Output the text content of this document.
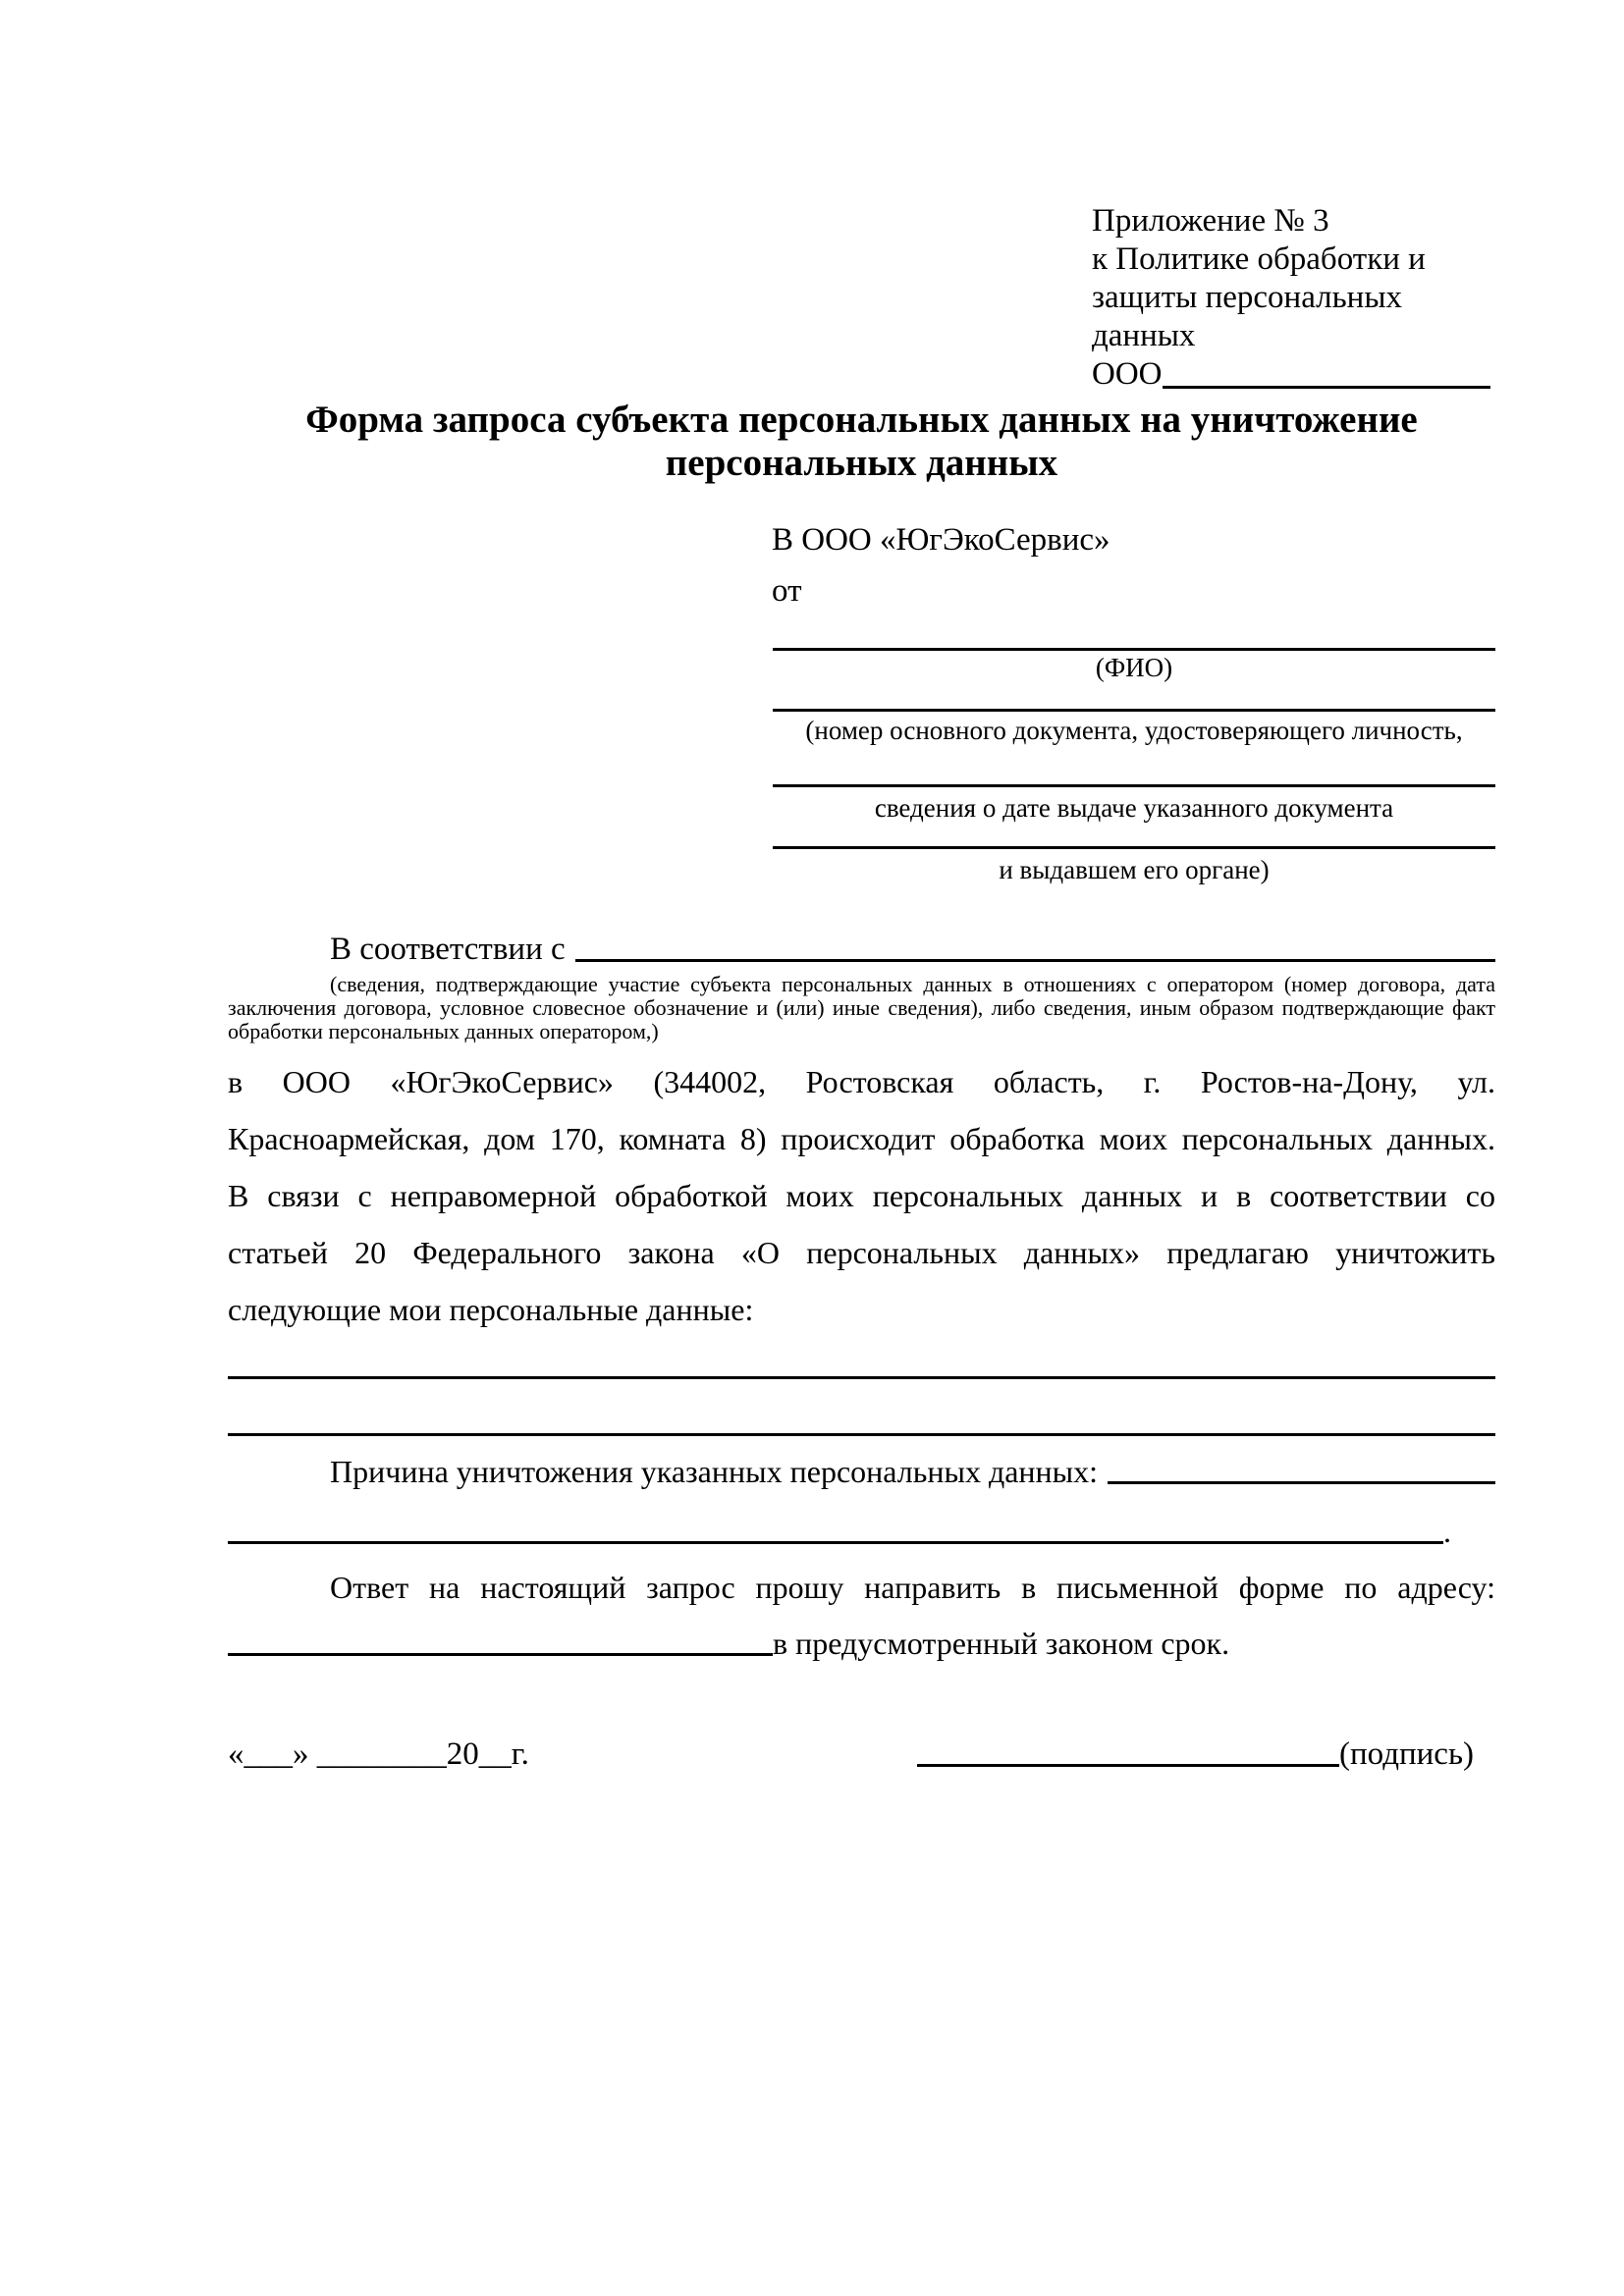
Приложение № 3
к Политике обработки и
защиты персональных данных
ООО
Форма запроса субъекта персональных данных на уничтожение
персональных данных
В ООО «ЮгЭкоСервис»
от
(ФИО)
(номер основного документа, удостоверяющего личность,
сведения о дате выдаче указанного документа
и выдавшем его органе)
В соответствии с
(сведения, подтверждающие участие субъекта персональных данных в отношениях с оператором (номер договора, дата
заключения договора, условное словесное обозначение и (или) иные сведения), либо сведения, иным образом подтверждающие факт
обработки персональных данных оператором,)
в ООО «ЮгЭкоСервис» (344002, Ростовская область, г. Ростов-на-Дону, ул.
Красноармейская, дом 170, комната 8) происходит обработка моих персональных данных.
В связи с неправомерной обработкой моих персональных данных и в соответствии со
статьей 20 Федерального закона «О персональных данных» предлагаю уничтожить
следующие мои персональные данные:
Причина уничтожения указанных персональных данных:
.
Ответ на настоящий запрос прошу направить в письменной форме по адресу:
в предусмотренный законом срок.
«___» ________20__г.	(подпись)
